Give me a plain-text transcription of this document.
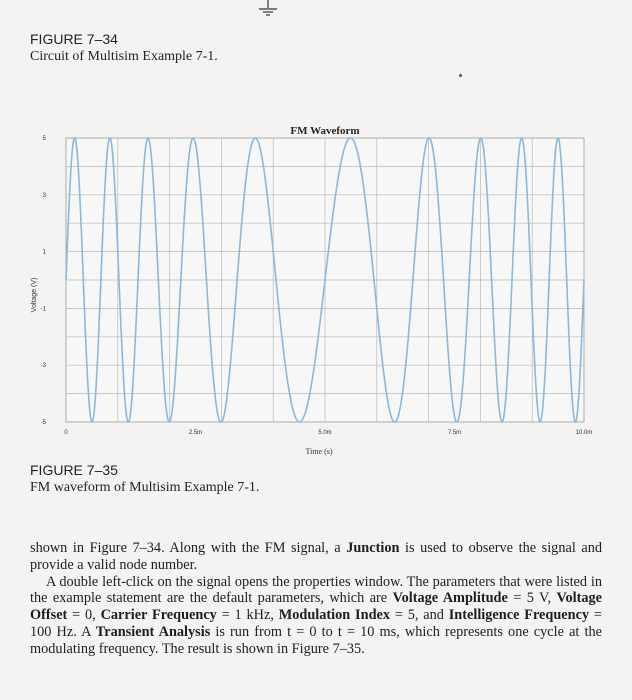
FIGURE 7–34
Circuit of Multisim Example 7-1.
5
3
1
-1
-3
-5
0	2.5m	5.0m	7.5m	10.0m
FM Waveform
Time (s)
Voltage (V)
FIGURE 7–35
FM waveform of Multisim Example 7-1.

shown in Figure 7–34. Along with the FM signal, a Junction is used to observe the signal and provide a valid node number.

A double left-click on the signal opens the properties window. The parameters that were listed in the example statement are the default parameters, which are Voltage Amplitude = 5 V, Voltage Offset = 0, Carrier Frequency = 1 kHz, Modulation Index = 5, and Intelligence Frequency = 100 Hz. A Transient Analysis is run from t = 0 to t = 10 ms, which represents one cycle at the modulating frequency. The result is shown in Figure 7–35.
